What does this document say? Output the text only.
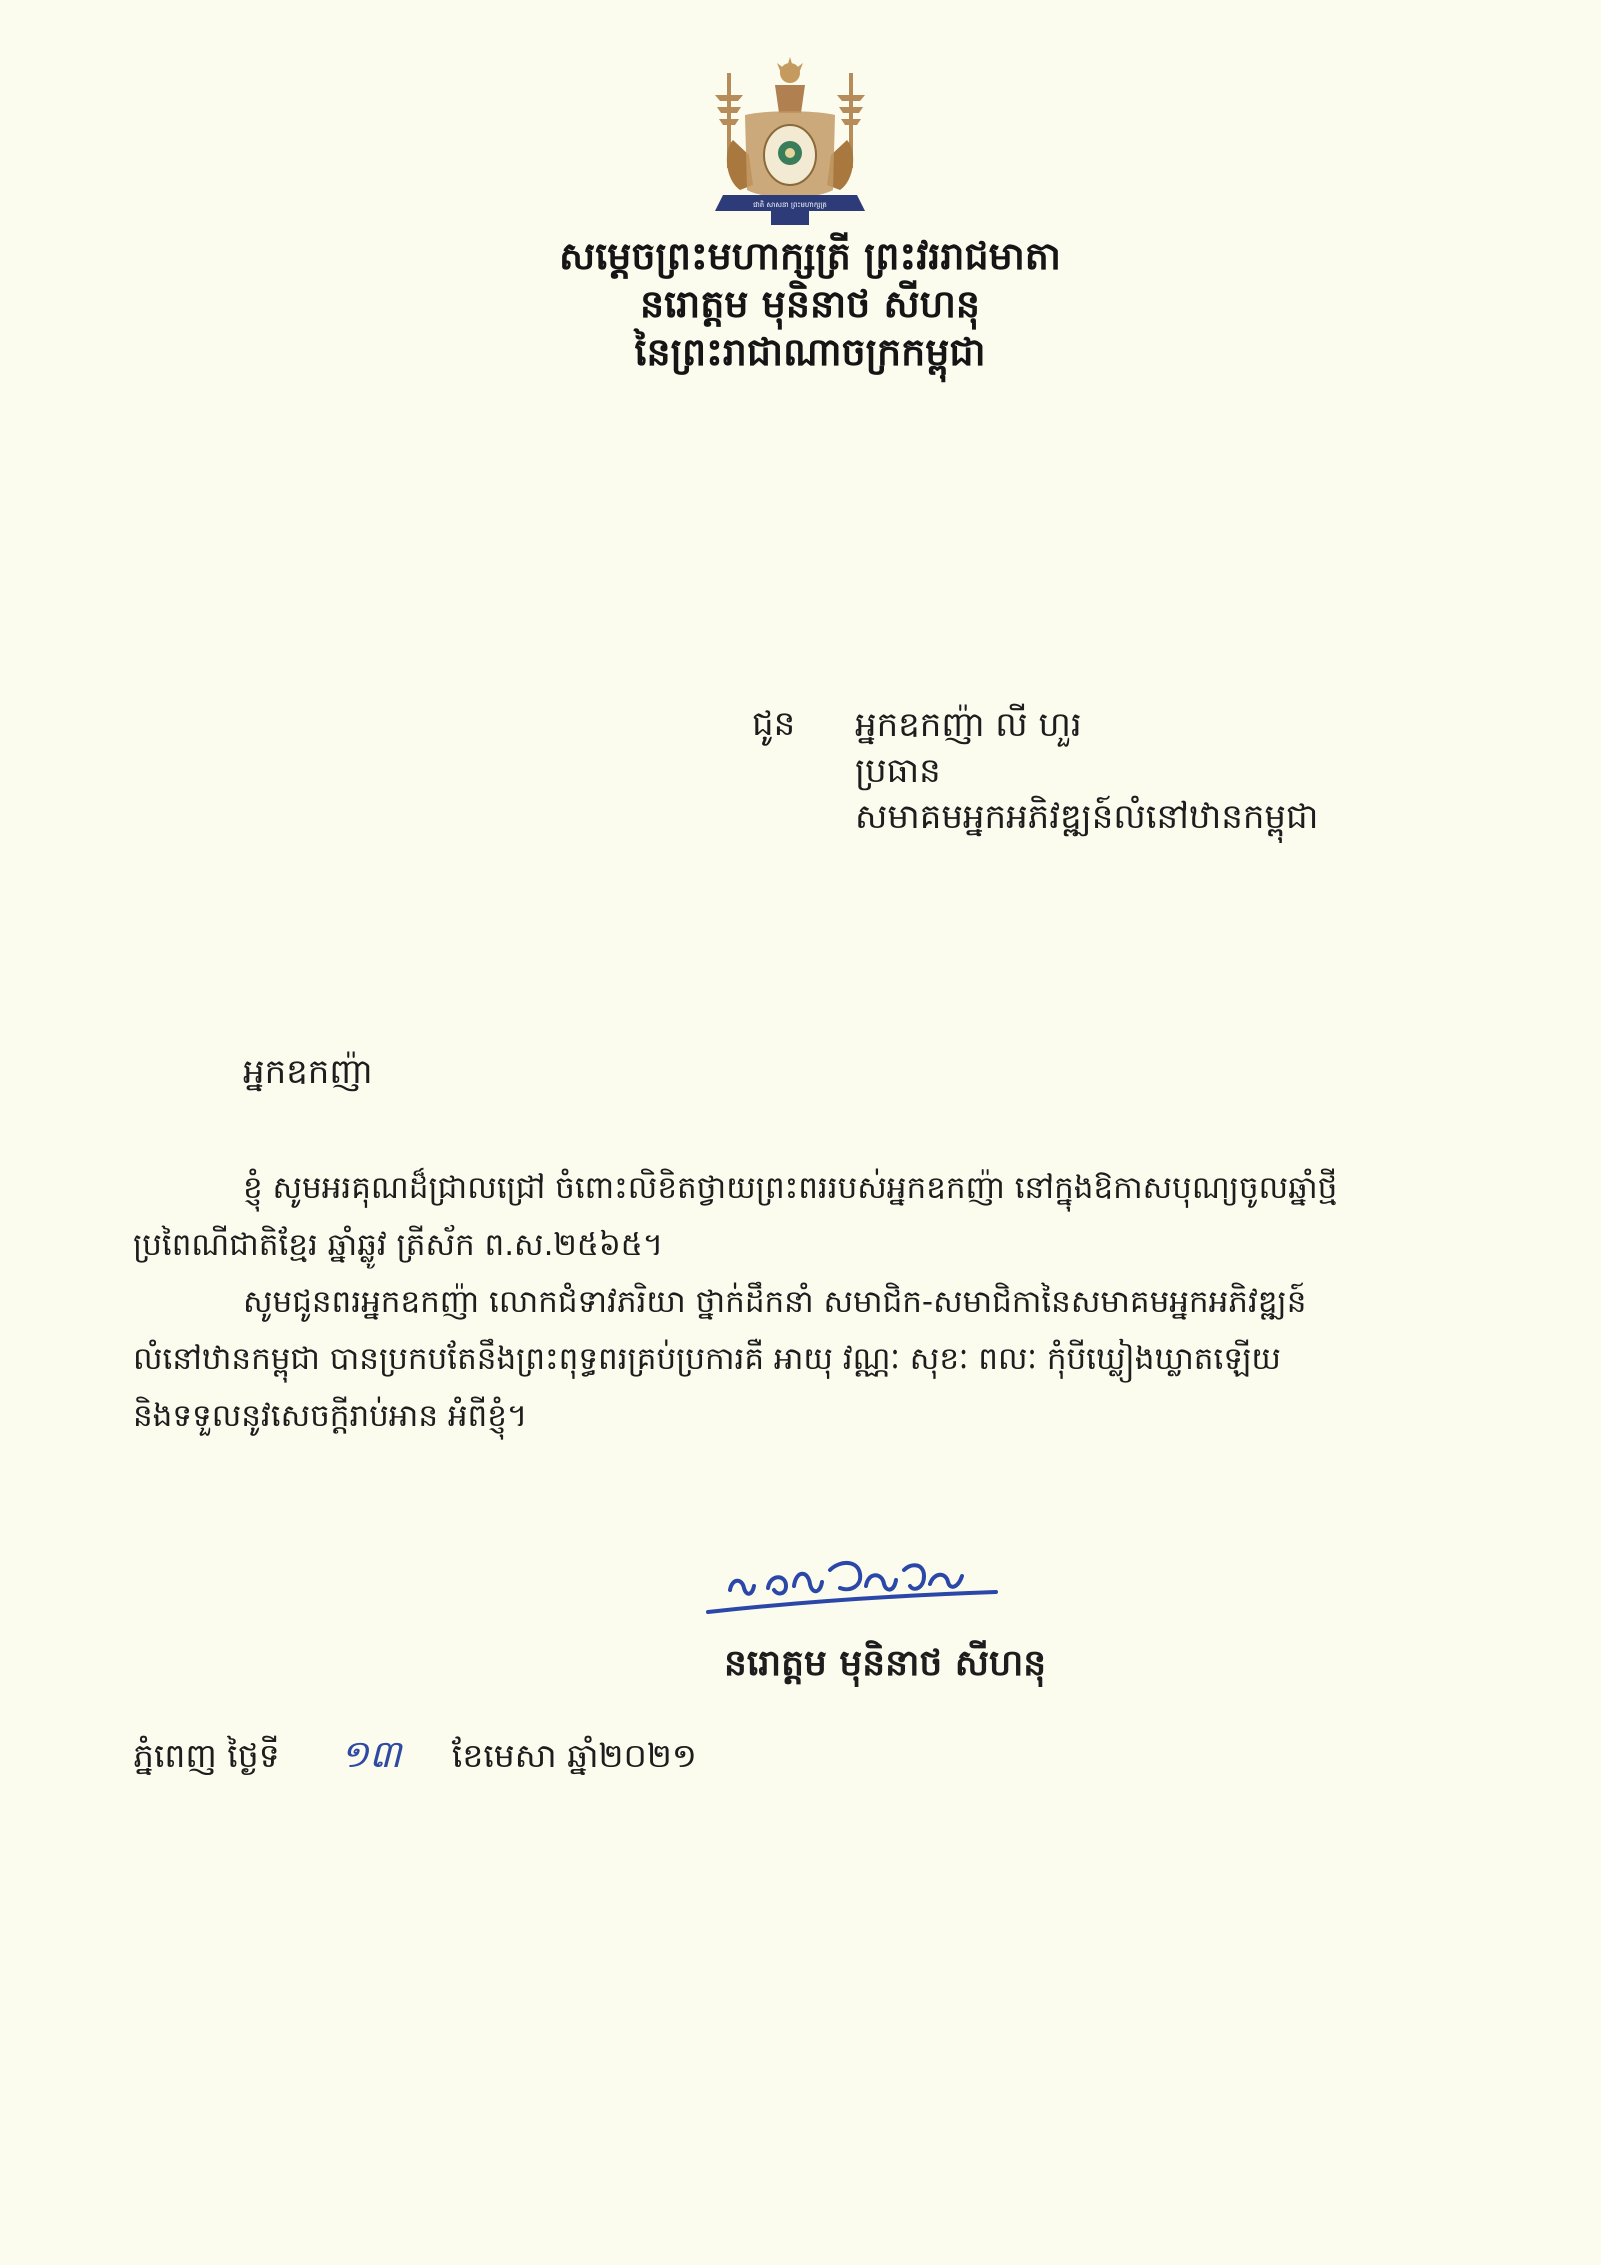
ជាតិ សាសនា ព្រះមហាក្សត្រ
សម្ដេចព្រះមហាក្សត្រី ព្រះវររាជមាតា
នរោត្តម មុនិនាថ សីហនុ
នៃព្រះរាជាណាចក្រកម្ពុជា
ជូន អ្នកឧកញ៉ា លី ហួរ
ប្រធាន
សមាគមអ្នកអភិវឌ្ឍន៍លំនៅឋានកម្ពុជា
អ្នកឧកញ៉ា
ខ្ញុំ សូមអរគុណដ៏ជ្រាលជ្រៅ ចំពោះលិខិតថ្វាយព្រះពររបស់អ្នកឧកញ៉ា នៅក្នុងឱកាសបុណ្យចូលឆ្នាំថ្មី
ប្រពៃណីជាតិខ្មែរ ឆ្នាំឆ្លូវ ត្រីស័ក ព.ស.២៥៦៥។
សូមជូនពរអ្នកឧកញ៉ា លោកជំទាវភរិយា ថ្នាក់ដឹកនាំ សមាជិក-សមាជិកានៃសមាគមអ្នកអភិវឌ្ឍន៍
លំនៅឋានកម្ពុជា បានប្រកបតែនឹងព្រះពុទ្ធពរគ្រប់ប្រការគឺ អាយុ វណ្ណៈ សុខៈ ពលៈ កុំបីឃ្លៀងឃ្លាតឡើយ
និងទទួលនូវសេចក្ដីរាប់អាន អំពីខ្ញុំ។
នរោត្តម មុនិនាថ សីហនុ
ភ្នំពេញ ថ្ងៃទី ១៣ ខែមេសា ឆ្នាំ២០២១
